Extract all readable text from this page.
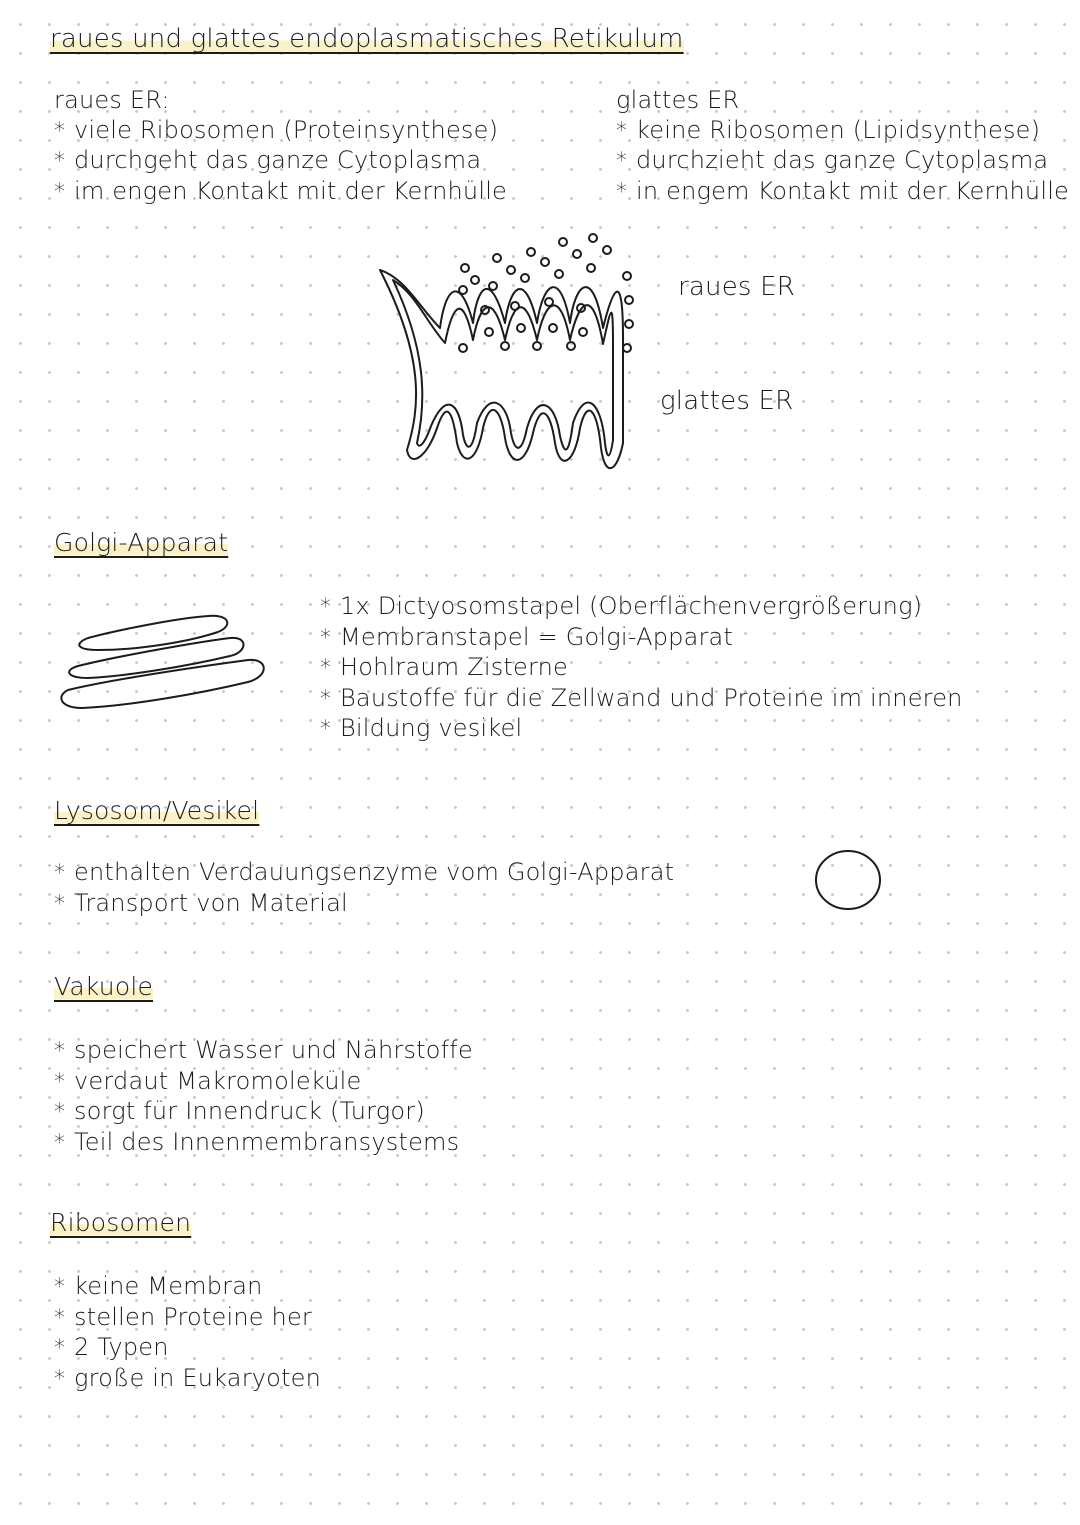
raues und glattes endoplasmatisches Retikulum
raues ER:
* viele Ribosomen (Proteinsynthese)
* durchgeht das ganze Cytoplasma
* im engen Kontakt mit der Kernhülle
glattes ER
* keine Ribosomen (Lipidsynthese)
* durchzieht das ganze Cytoplasma
* in engem Kontakt mit der Kernhülle
raues ER
glattes ER
Golgi-Apparat
* 1x Dictyosomstapel (Oberflächenvergrößerung)
* Membranstapel = Golgi-Apparat
* Hohlraum Zisterne
* Baustoffe für die Zellwand und Proteine im inneren
* Bildung vesikel
Lysosom/Vesikel
* enthalten Verdauungsenzyme vom Golgi-Apparat
* Transport von Material
Vakuole
* speichert Wasser und Nährstoffe
* verdaut Makromoleküle
* sorgt für Innendruck (Turgor)
* Teil des Innenmembransystems
Ribosomen
* keine Membran
* stellen Proteine her
* 2 Typen
* große in Eukaryoten
